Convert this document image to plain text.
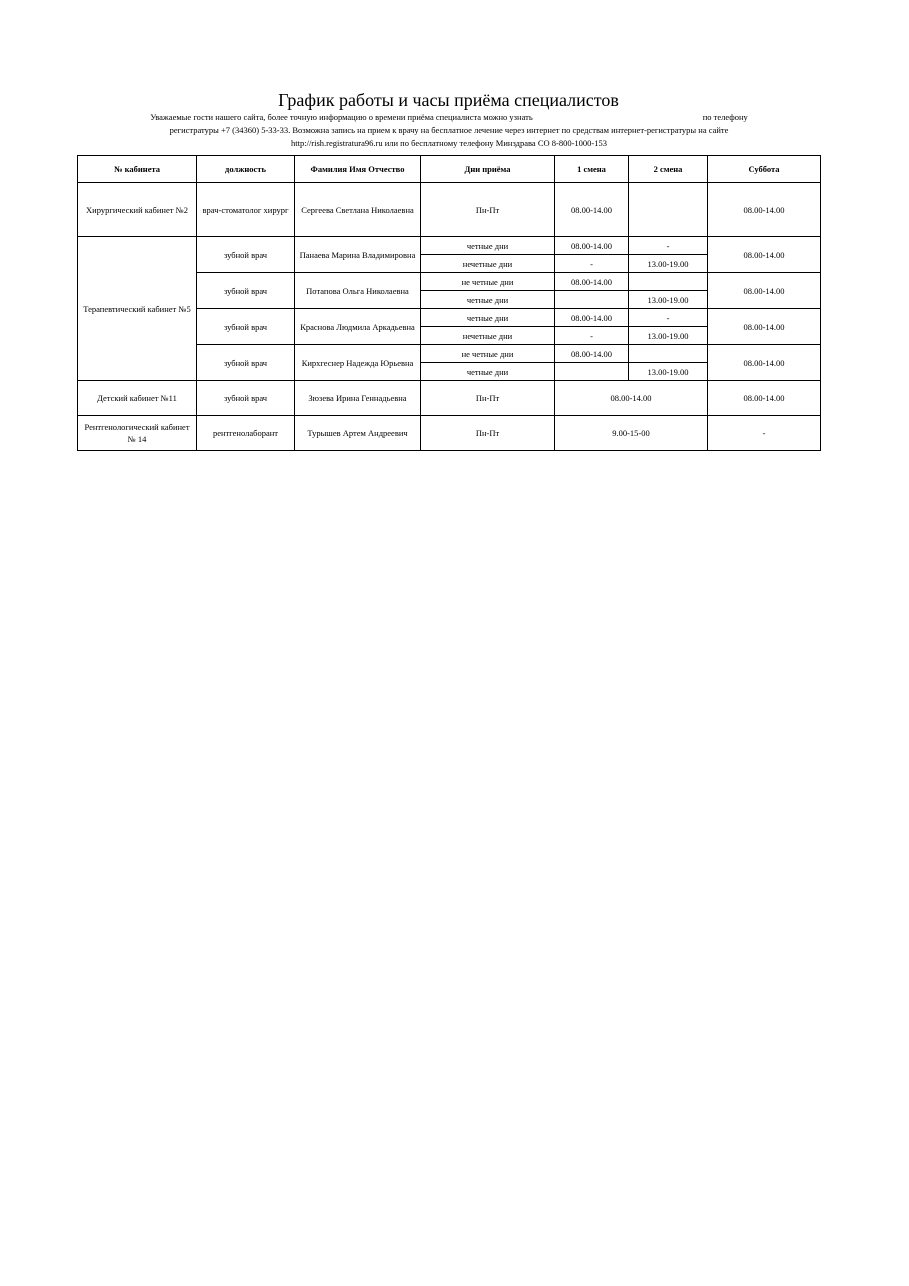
График работы и часы приёма специалистов
Уважаемые гости нашего сайта, более точную информацию о времени приёма специалиста можно узнать	по телефону
регистратуры +7 (34360) 5-33-33. Возможна запись на прием к врачу на бесплатное лечение через интернет по средствам интернет-регистратуры на сайте
http://rish.registratura96.ru или по бесплатному телефону Минздрава СО 8-800-1000-153
№ кабинета	должность	Фамилия Имя Отчество	Дни приёма	1 смена	2 смена	Суббота
Хирургический кабинет №2	врач-стоматолог хирург	Сергеева Светлана Николаевна	Пн-Пт	08.00-14.00		08.00-14.00
Терапевтический кабинет №5	зубной врач	Панаева Марина Владимировна	четные дни	08.00-14.00	-	08.00-14.00
			нечетные дни	-	13.00-19.00	
	зубной врач	Потапова Ольга Николаевна	не четные дни	08.00-14.00		08.00-14.00
			четные дни		13.00-19.00	
	зубной врач	Краснова Людмила Аркадьевна	четные дни	08.00-14.00	-	08.00-14.00
			нечетные дни	-	13.00-19.00	
	зубной врач	Кирхгеснер Надежда Юрьевна	не четные дни	08.00-14.00		08.00-14.00
			четные дни		13.00-19.00	
Детский кабинет №11	зубной врач	Зюзева Ирина Геннадьевна	Пн-Пт	08.00-14.00		08.00-14.00
Рентгенологический кабинет № 14	рентгенолаборант	Турышев Артем Андреевич	Пн-Пт	9.00-15-00		-
